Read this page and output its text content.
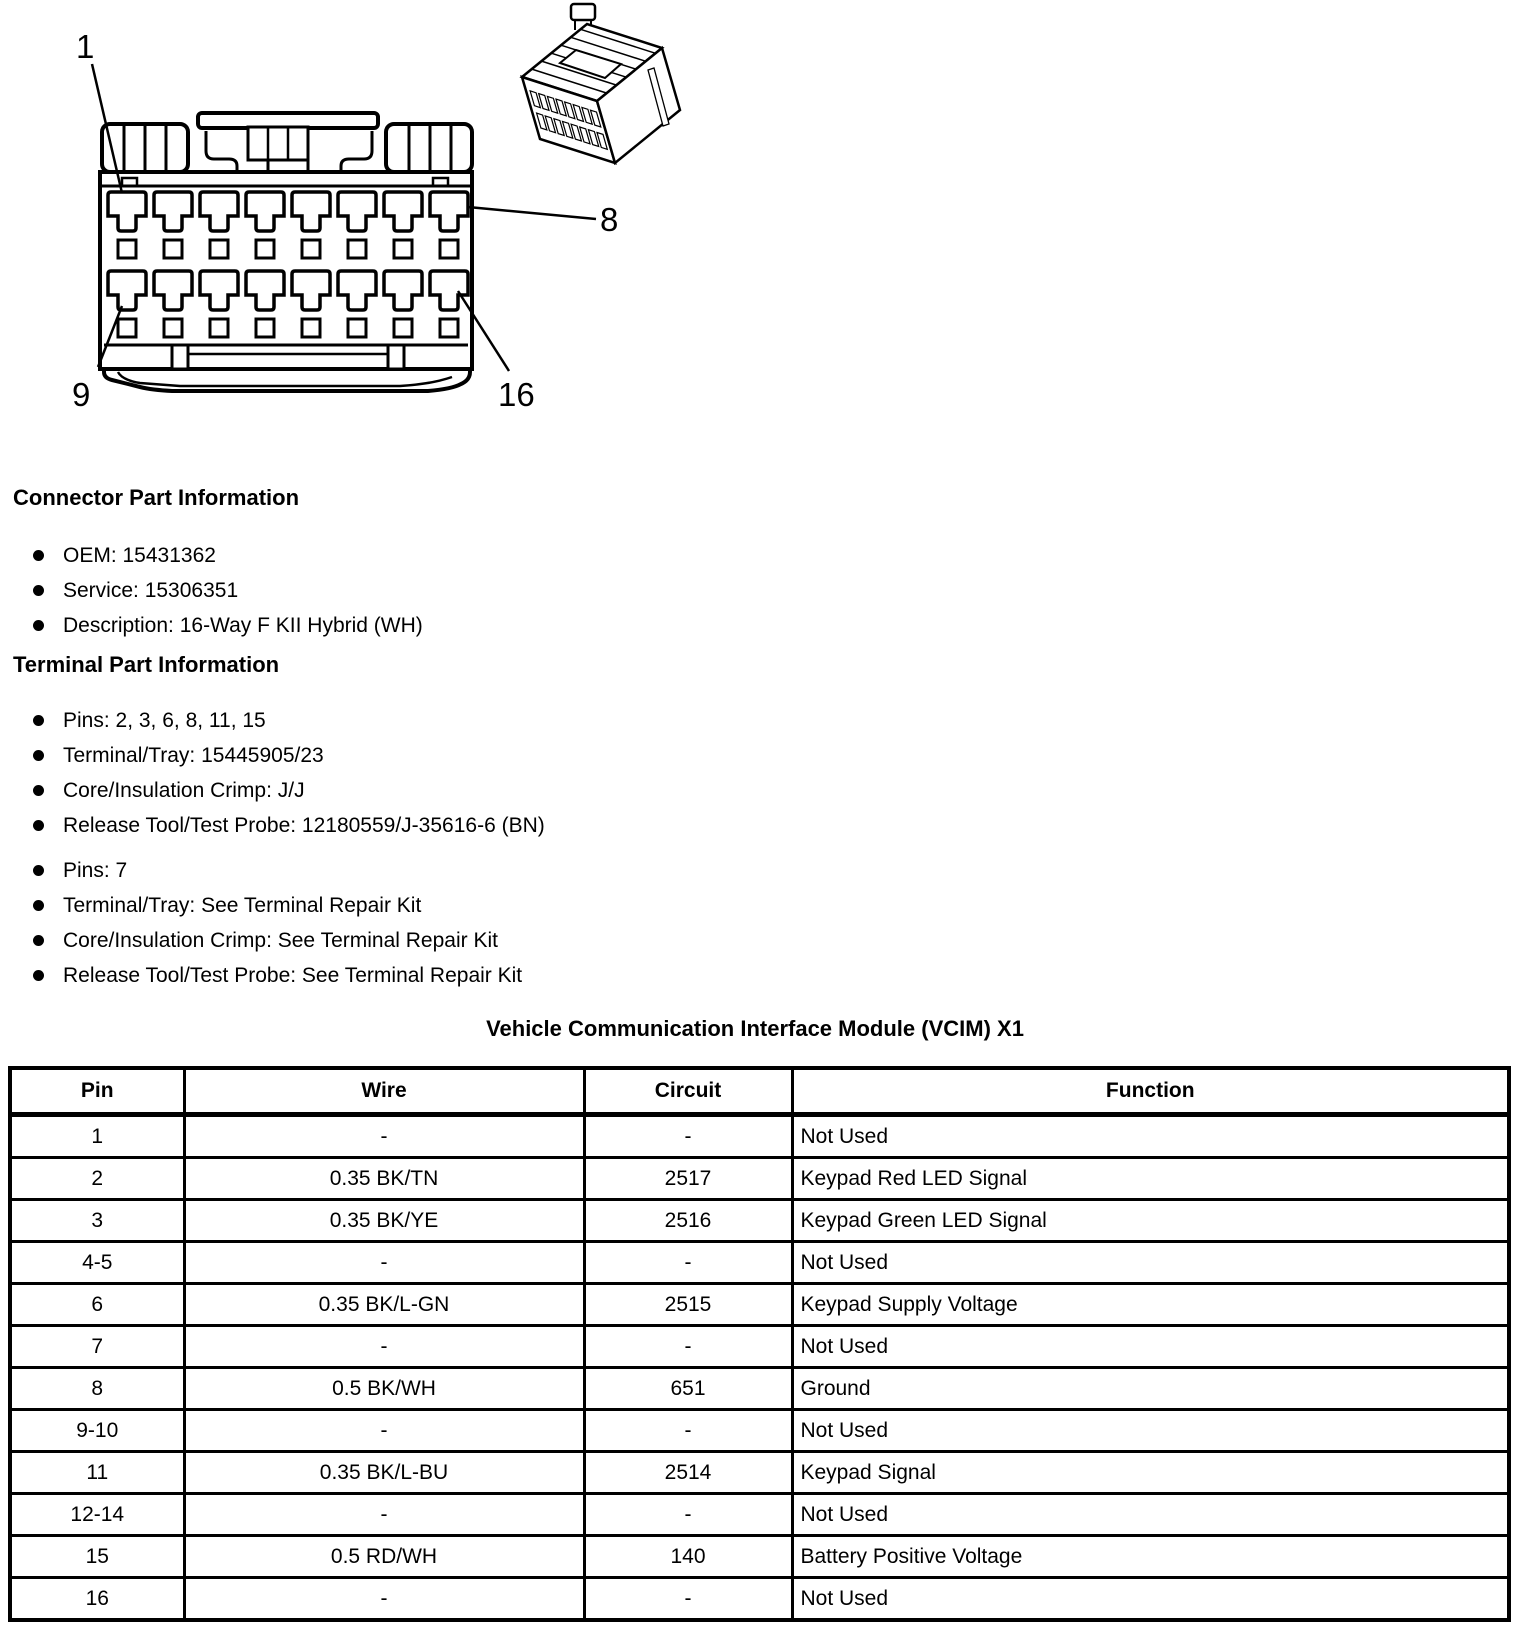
1
8
9	16
Connector Part Information
OEM: 15431362
Service: 15306351
Description: 16-Way F KII Hybrid (WH)
Terminal Part Information
Pins: 2, 3, 6, 8, 11, 15
Terminal/Tray: 15445905/23
Core/Insulation Crimp: J/J
Release Tool/Test Probe: 12180559/J-35616-6 (BN)
Pins: 7
Terminal/Tray: See Terminal Repair Kit
Core/Insulation Crimp: See Terminal Repair Kit
Release Tool/Test Probe: See Terminal Repair Kit
Vehicle Communication Interface Module (VCIM) X1
Pin	Wire	Circuit	Function
1	-	-	Not Used
2	0.35 BK/TN	2517	Keypad Red LED Signal
3	0.35 BK/YE	2516	Keypad Green LED Signal
4-5	-	-	Not Used
6	0.35 BK/L-GN	2515	Keypad Supply Voltage
7	-	-	Not Used
8	0.5 BK/WH	651	Ground
9-10	-	-	Not Used
11	0.35 BK/L-BU	2514	Keypad Signal
12-14	-	-	Not Used
15	0.5 RD/WH	140	Battery Positive Voltage
16	-	-	Not Used
